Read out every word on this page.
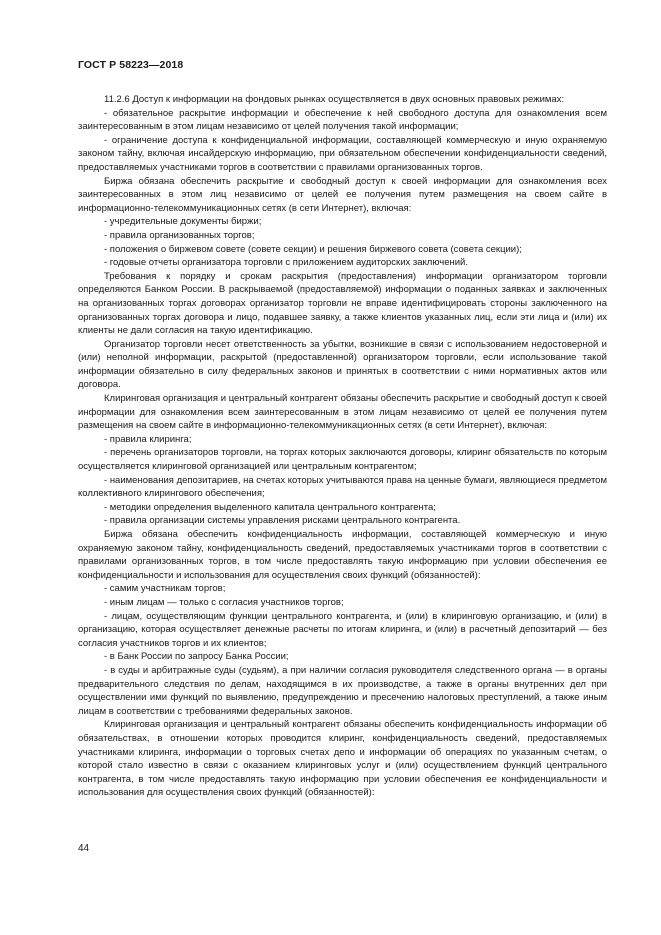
ГОСТ Р 58223—2018

11.2.6 Доступ к информации на фондовых рынках осуществляется в двух основных правовых режимах:

- обязательное раскрытие информации и обеспечение к ней свободного доступа для ознакомления всем заинтересованным в этом лицам независимо от целей получения такой информации;

- ограничение доступа к конфиденциальной информации, составляющей коммерческую и иную охраняемую законом тайну, включая инсайдерскую информацию, при обязательном обеспечении конфиденциальности сведений, предоставляемых участниками торгов в соответствии с правилами организованных торгов.

Биржа обязана обеспечить раскрытие и свободный доступ к своей информации для ознакомления всех заинтересованных в этом лиц независимо от целей ее получения путем размещения на своем сайте в информационно-телекоммуникационных сетях (в сети Интернет), включая:

- учредительные документы биржи;

- правила организованных торгов;

- положения о биржевом совете (совете секции) и решения биржевого совета (совета секции);

- годовые отчеты организатора торговли с приложением аудиторских заключений.

Требования к порядку и срокам раскрытия (предоставления) информации организатором торговли определяются Банком России. В раскрываемой (предоставляемой) информации о поданных заявках и заключенных на организованных торгах договорах организатор торговли не вправе идентифицировать стороны заключенного на организованных торгах договора и лицо, подавшее заявку, а также клиентов указанных лиц, если эти лица и (или) их клиенты не дали согласия на такую идентификацию.

Организатор торговли несет ответственность за убытки, возникшие в связи с использованием недостоверной и (или) неполной информации, раскрытой (предоставленной) организатором торговли, если использование такой информации обязательно в силу федеральных законов и принятых в соответствии с ними нормативных актов или договора.

Клиринговая организация и центральный контрагент обязаны обеспечить раскрытие и свободный доступ к своей информации для ознакомления всем заинтересованным в этом лицам независимо от целей ее получения путем размещения на своем сайте в информационно-телекоммуникационных сетях (в сети Интернет), включая:

- правила клиринга;

- перечень организаторов торговли, на торгах которых заключаются договоры, клиринг обязательств по которым осуществляется клиринговой организацией или центральным контрагентом;

- наименования депозитариев, на счетах которых учитываются права на ценные бумаги, являющиеся предметом коллективного клирингового обеспечения;

- методики определения выделенного капитала центрального контрагента;

- правила организации системы управления рисками центрального контрагента.

Биржа обязана обеспечить конфиденциальность информации, составляющей коммерческую и иную охраняемую законом тайну, конфиденциальность сведений, предоставляемых участниками торгов в соответствии с правилами организованных торгов, в том числе предоставлять такую информацию при условии обеспечения ее конфиденциальности и использования для осуществления своих функций (обязанностей):

- самим участникам торгов;

- иным лицам — только с согласия участников торгов;

- лицам, осуществляющим функции центрального контрагента, и (или) в клиринговую организацию, и (или) в организацию, которая осуществляет денежные расчеты по итогам клиринга, и (или) в расчетный депозитарий — без согласия участников торгов и их клиентов;

- в Банк России по запросу Банка России;

- в суды и арбитражные суды (судьям), а при наличии согласия руководителя следственного органа — в органы предварительного следствия по делам, находящимся в их производстве, а также в органы внутренних дел при осуществлении ими функций по выявлению, предупреждению и пресечению налоговых преступлений, а также иным лицам в соответствии с требованиями федеральных законов.

Клиринговая организация и центральный контрагент обязаны обеспечить конфиденциальность информации об обязательствах, в отношении которых проводится клиринг, конфиденциальность сведений, предоставляемых участниками клиринга, информации о торговых счетах депо и информации об операциях по указанным счетам, о которой стало известно в связи с оказанием клиринговых услуг и (или) осуществлением функций центрального контрагента, в том числе предоставлять такую информацию при условии обеспечения ее конфиденциальности и использования для осуществления своих функций (обязанностей):

44
